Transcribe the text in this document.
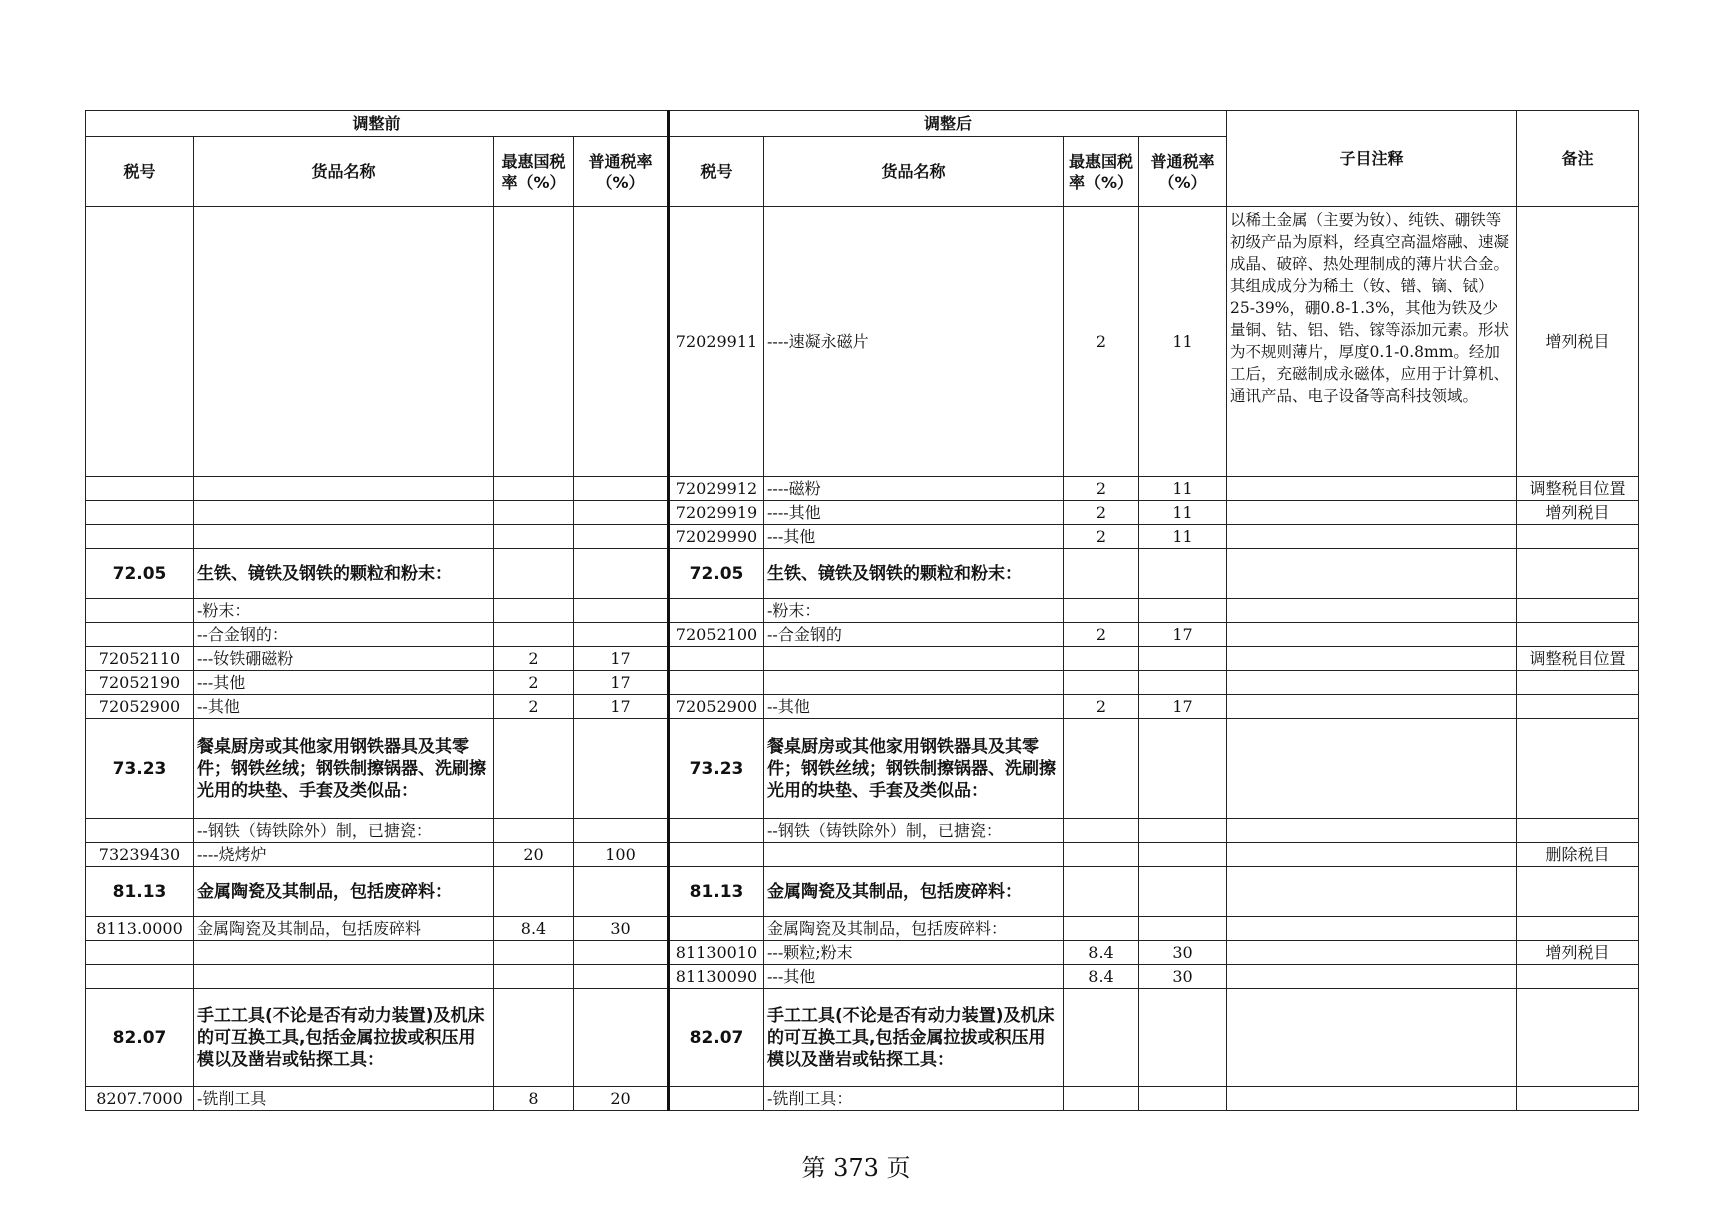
调整前				调整后				子目注释	备注
税号	货品名称	最惠国税率（%）	普通税率（%）	税号	货品名称	最惠国税率（%）	普通税率（%）		
				72029911	----速凝永磁片	2	11	以稀土金属（主要为钕）、纯铁、硼铁等初级产品为原料，经真空高温熔融、速凝成晶、破碎、热处理制成的薄片状合金。其组成成分为稀土（钕、镨、镝、铽）25-39%，硼0.8-1.3%，其他为铁及少量铜、钴、铝、锆、镓等添加元素。形状为不规则薄片，厚度0.1-0.8mm。经加工后，充磁制成永磁体，应用于计算机、通讯产品、电子设备等高科技领域。	增列税目
				72029912	----磁粉	2	11		调整税目位置
				72029919	----其他	2	11		增列税目
				72029990	---其他	2	11		
72.05	生铁、镜铁及钢铁的颗粒和粉末：			72.05	生铁、镜铁及钢铁的颗粒和粉末：				
	-粉末：				-粉末：				
	--合金钢的：			72052100	--合金钢的	2	17		
72052110	---钕铁硼磁粉	2	17						调整税目位置
72052190	---其他	2	17						
72052900	--其他	2	17	72052900	--其他	2	17		
73.23	餐桌厨房或其他家用钢铁器具及其零件；钢铁丝绒；钢铁制擦锅器、洗刷擦光用的块垫、手套及类似品：			73.23	餐桌厨房或其他家用钢铁器具及其零件；钢铁丝绒；钢铁制擦锅器、洗刷擦光用的块垫、手套及类似品：				
	--钢铁（铸铁除外）制，已搪瓷：				--钢铁（铸铁除外）制，已搪瓷：				
73239430	----烧烤炉	20	100						删除税目
81.13	金属陶瓷及其制品，包括废碎料：			81.13	金属陶瓷及其制品，包括废碎料：				
8113.0000	金属陶瓷及其制品，包括废碎料	8.4	30		金属陶瓷及其制品，包括废碎料：				
				81130010	---颗粒;粉末	8.4	30		增列税目
				81130090	---其他	8.4	30		
82.07	手工工具(不论是否有动力装置)及机床的可互换工具,包括金属拉拔或积压用模以及凿岩或钻探工具：			82.07	手工工具(不论是否有动力装置)及机床的可互换工具,包括金属拉拔或积压用模以及凿岩或钻探工具：				
8207.7000	-铣削工具	8	20		-铣削工具：				
第 373 页
